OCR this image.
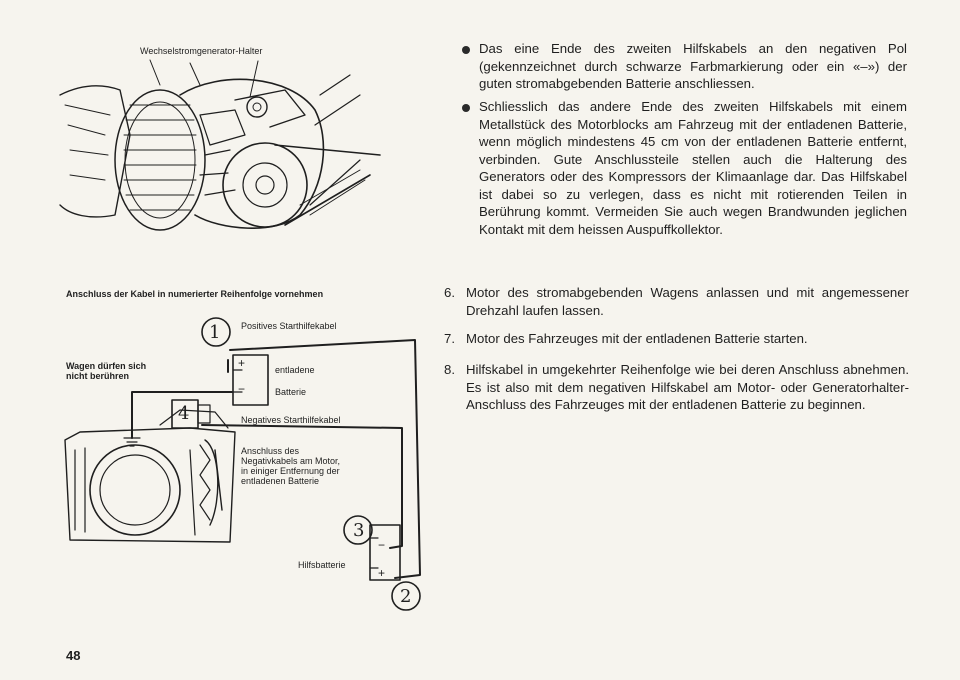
Wechselstromgenerator-Halter
Anschluss der Kabel in numerierter Reihenfolge vornehmen
Wagen dürfen sich nicht berühren
Positives Starthilfekabel
entladene
Batterie
Negatives Starthilfekabel
Anschluss des Negativkabels am Motor, in einiger Entfernung der entladenen Batterie
Hilfsbatterie
1
2
3
4
+
−
−
+
Das eine Ende des zweiten Hilfskabels an den negativen Pol (gekennzeichnet durch schwarze Farbmarkierung oder ein «–») der guten stromabgebenden Batterie anschliessen.
Schliesslich das andere Ende des zweiten Hilfskabels mit einem Metallstück des Motorblocks am Fahrzeug mit der entladenen Batterie, wenn möglich mindestens 45 cm von der entladenen Batterie entfernt, verbinden. Gute Anschlussteile stellen auch die Halterung des Generators oder des Kompressors der Klimaanlage dar. Das Hilfskabel ist dabei so zu verlegen, dass es nicht mit rotierenden Teilen in Berührung kommt. Vermeiden Sie auch wegen Brandwunden jeglichen Kontakt mit dem heissen Auspuffkollektor.
6. Motor des stromabgebenden Wagens anlassen und mit angemessener Drehzahl laufen lassen.
7. Motor des Fahrzeuges mit der entladenen Batterie starten.
8. Hilfskabel in umgekehrter Reihenfolge wie bei deren Anschluss abnehmen. Es ist also mit dem negativen Hilfskabel am Motor- oder Generatorhalter-Anschluss des Fahrzeuges mit der entladenen Batterie zu beginnen.
48
